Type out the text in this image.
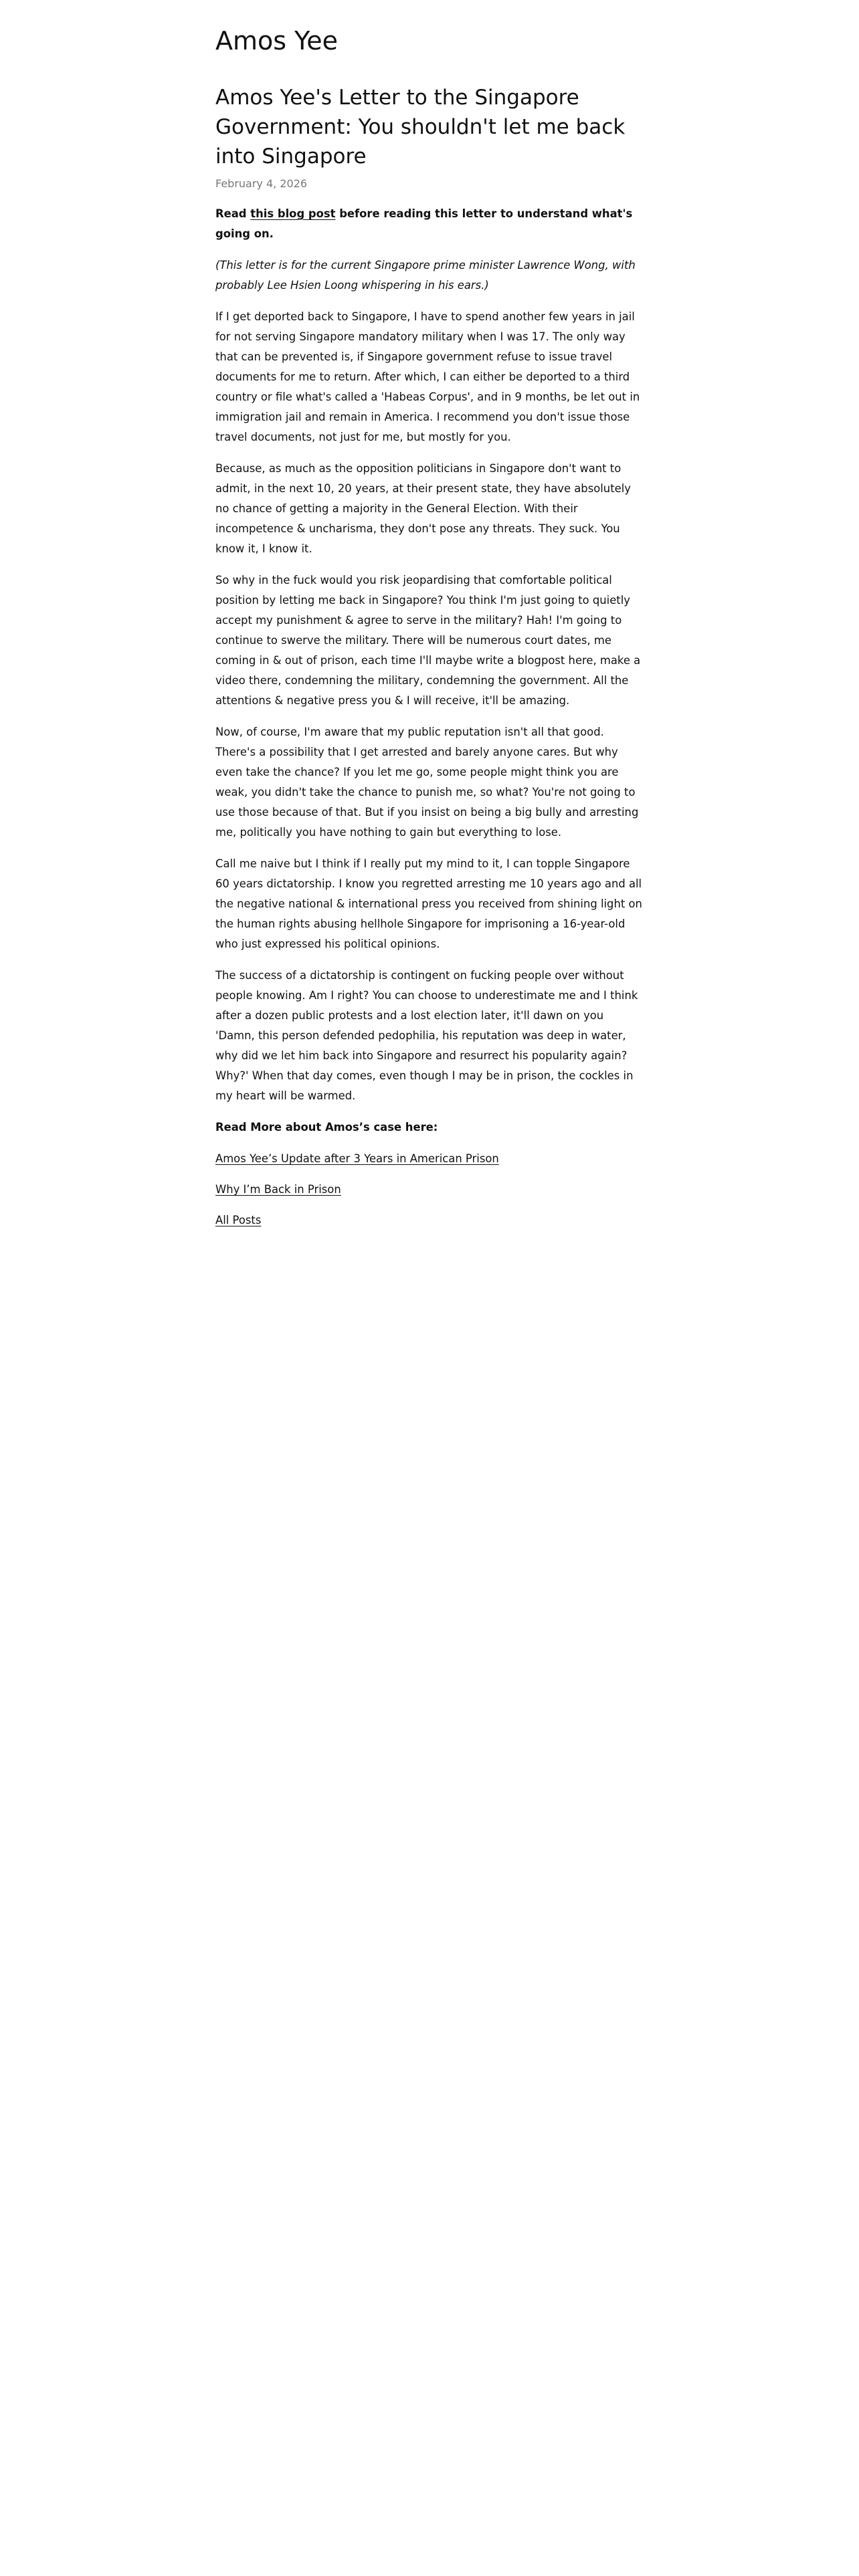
Amos Yee
Amos Yee's Letter to the Singapore Government: You shouldn't let me back into Singapore
February 4, 2026

Read this blog post before reading this letter to understand what's going on.

(This letter is for the current Singapore prime minister Lawrence Wong, with probably Lee Hsien Loong whispering in his ears.)

If I get deported back to Singapore, I have to spend another few years in jail for not serving Singapore mandatory military when I was 17. The only way that can be prevented is, if Singapore government refuse to issue travel documents for me to return. After which, I can either be deported to a third country or file what's called a 'Habeas Corpus', and in 9 months, be let out in immigration jail and remain in America. I recommend you don't issue those travel documents, not just for me, but mostly for you.

Because, as much as the opposition politicians in Singapore don't want to admit, in the next 10, 20 years, at their present state, they have absolutely no chance of getting a majority in the General Election. With their incompetence & uncharisma, they don't pose any threats. They suck. You know it, I know it.

So why in the fuck would you risk jeopardising that comfortable political position by letting me back in Singapore? You think I'm just going to quietly accept my punishment & agree to serve in the military? Hah! I'm going to continue to swerve the military. There will be numerous court dates, me coming in & out of prison, each time I'll maybe write a blogpost here, make a video there, condemning the military, condemning the government. All the attentions & negative press you & I will receive, it'll be amazing.

Now, of course, I'm aware that my public reputation isn't all that good. There's a possibility that I get arrested and barely anyone cares. But why even take the chance? If you let me go, some people might think you are weak, you didn't take the chance to punish me, so what? You're not going to use those because of that. But if you insist on being a big bully and arresting me, politically you have nothing to gain but everything to lose.

Call me naive but I think if I really put my mind to it, I can topple Singapore 60 years dictatorship. I know you regretted arresting me 10 years ago and all the negative national & international press you received from shining light on the human rights abusing hellhole Singapore for imprisoning a 16-year-old who just expressed his political opinions.

The success of a dictatorship is contingent on fucking people over without people knowing. Am I right? You can choose to underestimate me and I think after a dozen public protests and a lost election later, it'll dawn on you 'Damn, this person defended pedophilia, his reputation was deep in water, why did we let him back into Singapore and resurrect his popularity again? Why?' When that day comes, even though I may be in prison, the cockles in my heart will be warmed.

Read More about Amos’s case here:

Amos Yee’s Update after 3 Years in American Prison

Why I’m Back in Prison

All Posts
